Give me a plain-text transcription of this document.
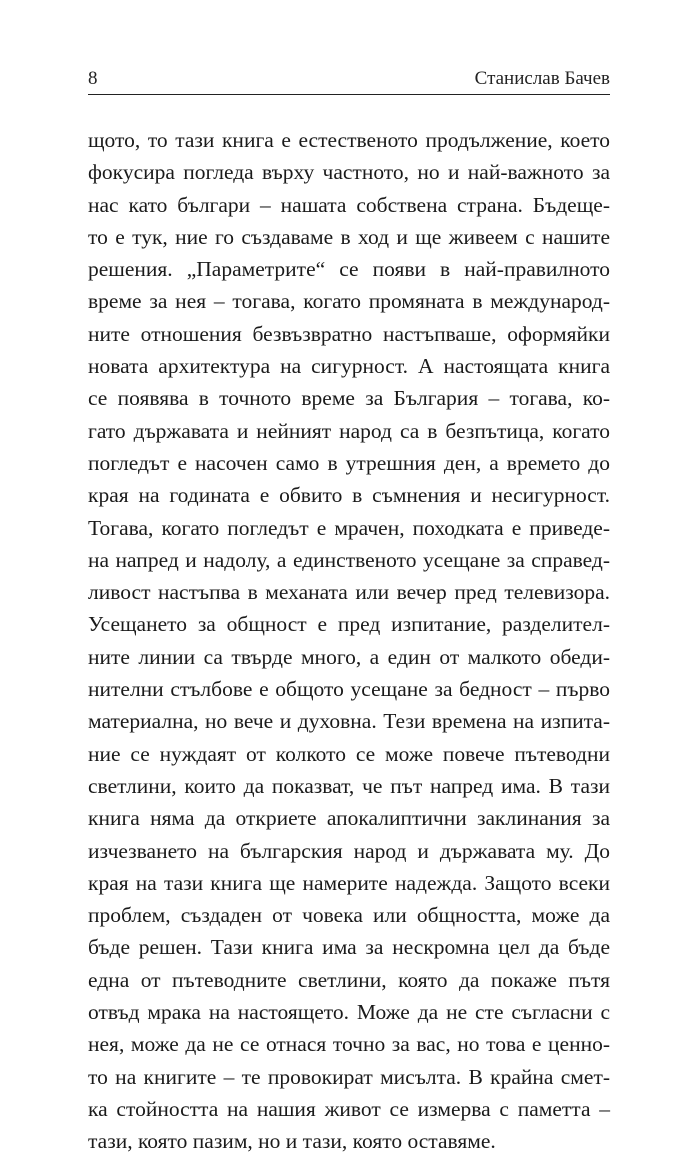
8	Станислав Бачев
щото, то тази книга е естественото продължение, което
фокусира погледа върху частното, но и най-важното за
нас като българи – нашата собствена страна. Бъдеще-
то е тук, ние го създаваме в ход и ще живеем с нашите
решения. „Параметрите“ се появи в най-правилното
време за нея – тогава, когато промяната в международ-
ните отношения безвъзвратно настъпваше, оформяйки
новата архитектура на сигурност. А настоящата книга
се появява в точното време за България – тогава, ко-
гато държавата и нейният народ са в безпътица, когато
погледът е насочен само в утрешния ден, а времето до
края на годината е обвито в съмнения и несигурност.
Тогава, когато погледът е мрачен, походката е приведе-
на напред и надолу, а единственото усещане за справед-
ливост настъпва в механата или вечер пред телевизора.
Усещането за общност е пред изпитание, разделител-
ните линии са твърде много, а един от малкото обеди-
нителни стълбове е общото усещане за бедност – първо
материална, но вече и духовна. Тези времена на изпита-
ние се нуждаят от колкото се може повече пътеводни
светлини, които да показват, че път напред има. В тази
книга няма да откриете апокалиптични заклинания за
изчезването на българския народ и държавата му. До
края на тази книга ще намерите надежда. Защото всеки
проблем, създаден от човека или общността, може да
бъде решен. Тази книга има за нескромна цел да бъде
една от пътеводните светлини, която да покаже пътя
отвъд мрака на настоящето. Може да не сте съгласни с
нея, може да не се отнася точно за вас, но това е ценно-
то на книгите – те провокират мисълта. В крайна смет-
ка стойността на нашия живот се измерва с паметта –
тази, която пазим, но и тази, която оставяме.
